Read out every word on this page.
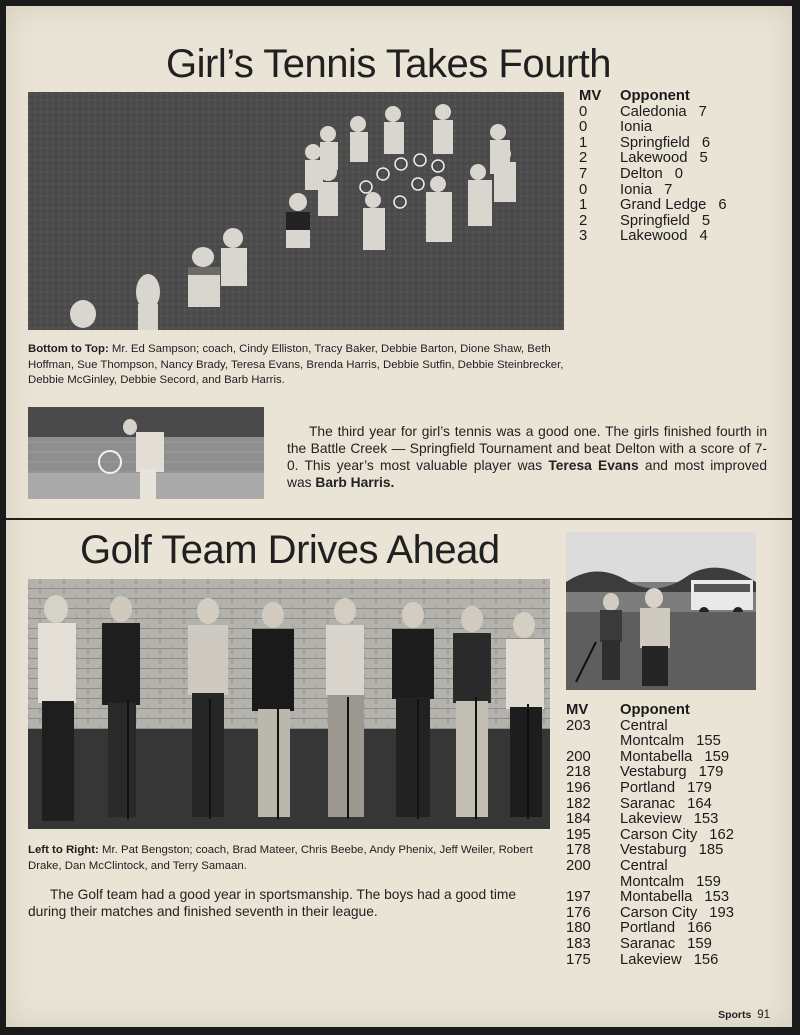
Girl’s Tennis Takes Fourth
MV	Opponent
0	Caledonia 7
0	Ionia
1	Springfield 6
2	Lakewood 5
7	Delton 0
0	Ionia 7
1	Grand Ledge 6
2	Springfield 5
3	Lakewood 4
Bottom to Top: Mr. Ed Sampson; coach, Cindy Elliston, Tracy Baker, Debbie Barton, Dione Shaw, Beth Hoffman, Sue Thompson, Nancy Brady, Teresa Evans, Brenda Harris, Debbie Sutfin, Debbie Steinbrecker, Debbie McGinley, Debbie Secord, and Barb Harris.
The third year for girl’s tennis was a good one. The girls finished fourth in the Battle Creek — Springfield Tournament and beat Delton with a score of 7-0. This year’s most valuable player was Teresa Evans and most improved was Barb Harris.
Golf Team Drives Ahead
MV	Opponent
203	Central
Montcalm 155
200	Montabella 159
218	Vestaburg 179
196	Portland 179
182	Saranac 164
184	Lakeview 153
195	Carson City 162
178	Vestaburg 185
200	Central
Montcalm 159
197	Montabella 153
176	Carson City 193
180	Portland 166
183	Saranac 159
175	Lakeview 156
Left to Right: Mr. Pat Bengston; coach, Brad Mateer, Chris Beebe, Andy Phenix, Jeff Weiler, Robert Drake, Dan McClintock, and Terry Samaan.
The Golf team had a good year in sportsmanship. The boys had a good time during their matches and finished seventh in their league.
Sports 91
